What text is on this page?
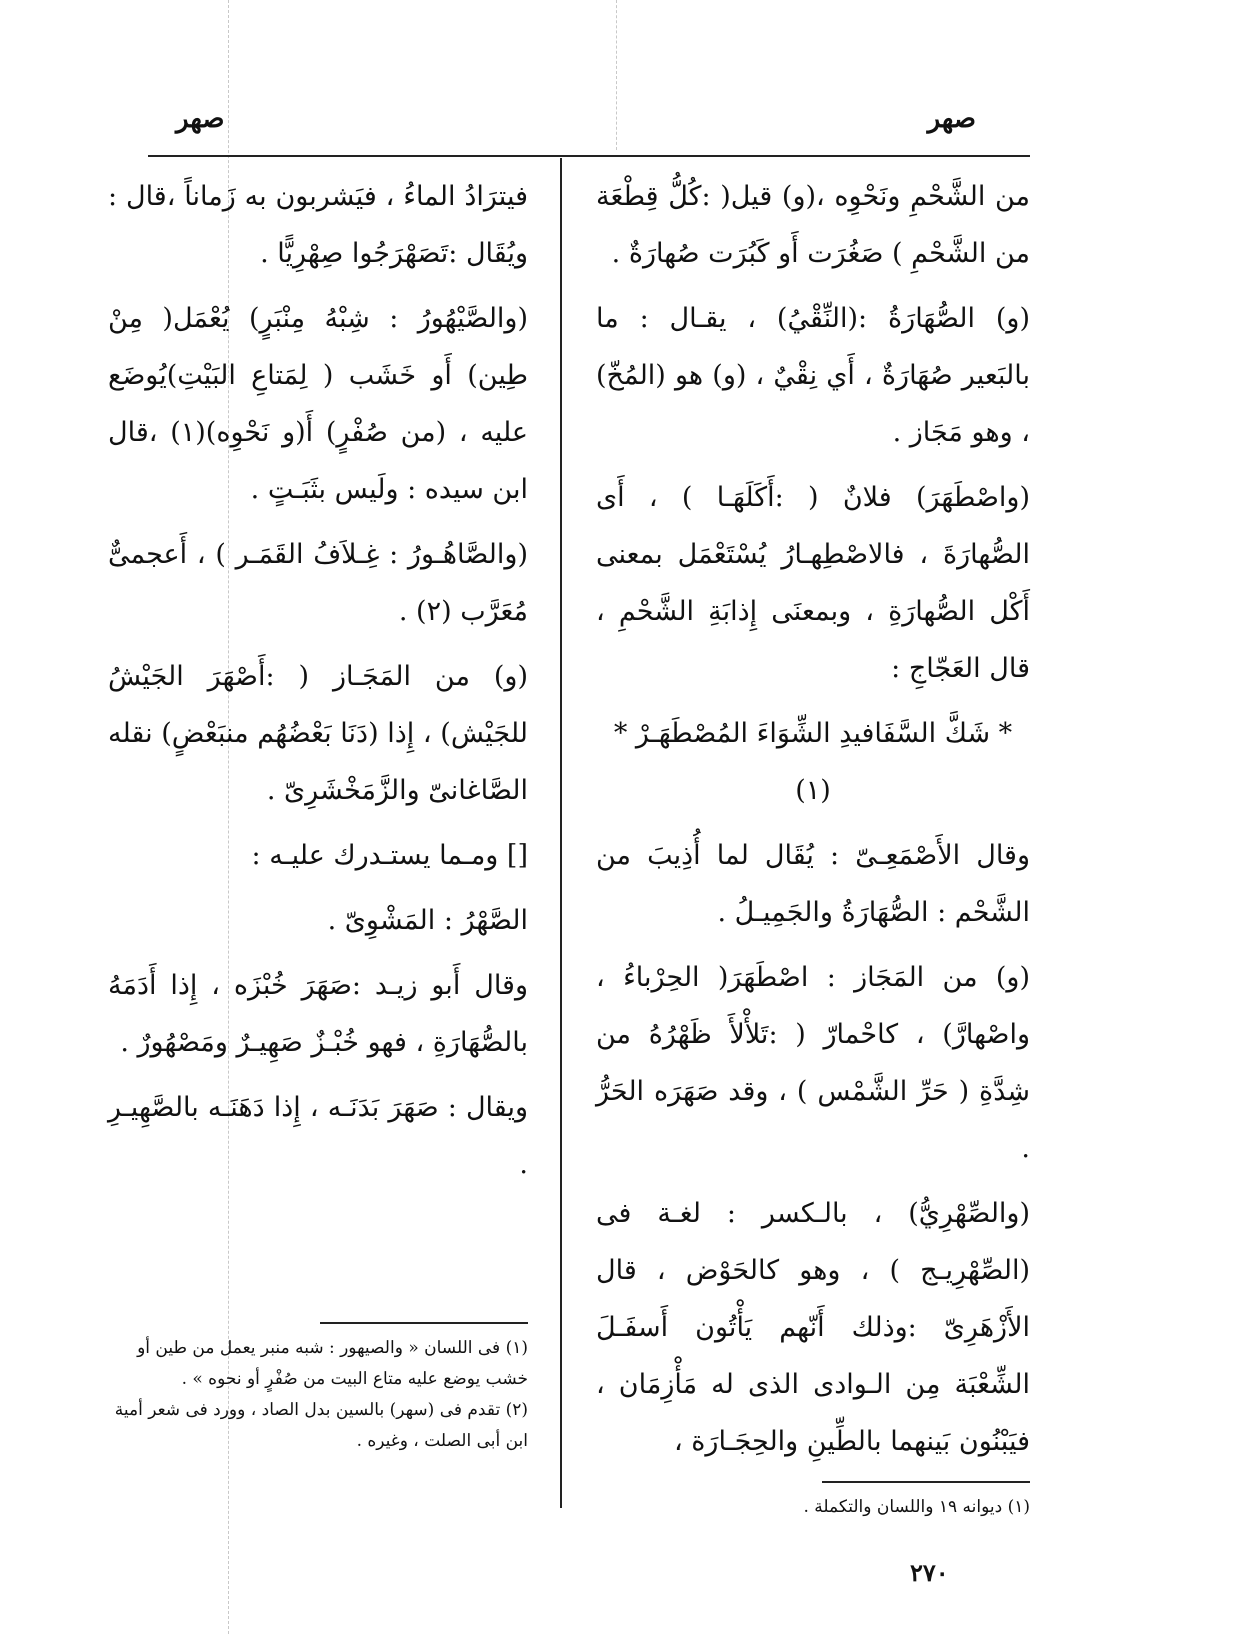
صهر
صهر

من الشَّحْمِ ونَحْوِه ،(و) قيل( :كُلُّ قِطْعَة من الشَّحْمِ ) صَغُرَت أَو كَبُرَت صُهارَةٌ .

(و) الصُّهَارَةُ :(النِّقْيُ) ، يقـال : ما بالبَعير صُهَارَةٌ ، أَي نِقْيٌ ، (و) هو (المُخّ) ، وهو مَجَاز .

(واصْطَهَرَ) فلانٌ ( :أَكَلَهَـا ) ، أَى الصُّهارَةَ ، فالاصْطِهـارُ يُسْتَعْمَل بمعنى أَكْل الصُّهارَةِ ، وبمعنَى إِذابَةِ الشَّحْمِ ، قال العَجّاجِ :

* شَكَّ السَّفَافيدِ الشِّوَاءَ المُصْطَهَـرْ * (١)

وقال الأَصْمَعِـىّ : يُقَال لما أُذِيبَ من الشَّحْم : الصُّهَارَةُ والجَمِيـلُ .

(و) من المَجَاز : اصْطَهَرَ( الحِرْباءُ ، واصْهارَّ) ، كاحْمارّ ( :تَلأْلأَ ظَهْرُهُ من شِدَّةِ ( حَرِّ الشَّمْس ) ، وقد صَهَرَه الحَرُّ .

(والصِّهْرِيُّ) ، بالـكسر : لغـة فى (الصِّهْرِيـج ) ، وهو كالحَوْض ، قال الأَزْهَرِىّ :وذلك أَنّهم يَأْتُون أَسفَـلَ الشِّعْبَة مِن الـوادى الذى له مَأْزِمَان ، فيَبْنُون بَينهما بالطِّينِ والحِجَـارَة ،

فيترَادُ الماءُ ، فيَشربون به زَماناً ،قال : ويُقَال :تَصَهْرَجُوا صِهْرِيًّا .

(والصَّيْهُورُ : شِبْهُ مِنْبَرٍ) يُعْمَل( مِنْ طِين) أَو خَشَب ( لِمَتاعِ البَيْتِ)يُوضَع عليه ، (من صُفْرٍ) أَ(و نَحْوِه)(١) ،قال ابن سيده : ولَيس بثَبَـتٍ .

(والصَّاهُـورُ : غِـلاَفُ القَمَـر ) ، أَعجمىٌّ مُعَرَّب (٢) .

(و) من المَجَـاز ( :أَصْهَرَ الجَيْشُ للجَيْش) ، إِذا (دَنَا بَعْضُهُم منبَعْضٍ) نقله الصَّاغانىّ والزَّمَخْشَرِىّ .

[] ومـما يستـدرك عليـه :

الصَّهْرُ : المَشْوِىّ .

وقال أَبو زيـد :صَهَرَ خُبْزَه ، إِذا أَدَمَهُ بالصُّهَارَةِ ، فهو خُبْـزٌ صَهِيـرٌ ومَصْهُورٌ .

ويقال : صَهَرَ بَدَنَـه ، إِذا دَهَنَـه بالصَّهِيـرِ .

(١) فى اللسان « والصيهور : شبه منبر يعمل من طين أو خشب يوضع عليه متاع البيت من صُفْرٍ أو نحوه » .

(٢) تقدم فى (سهر) بالسين بدل الصاد ، وورد فى شعر أمية ابن أبى الصلت ، وغيره .

(١) ديوانه ١٩ واللسان والتكملة .

٢٧٠
